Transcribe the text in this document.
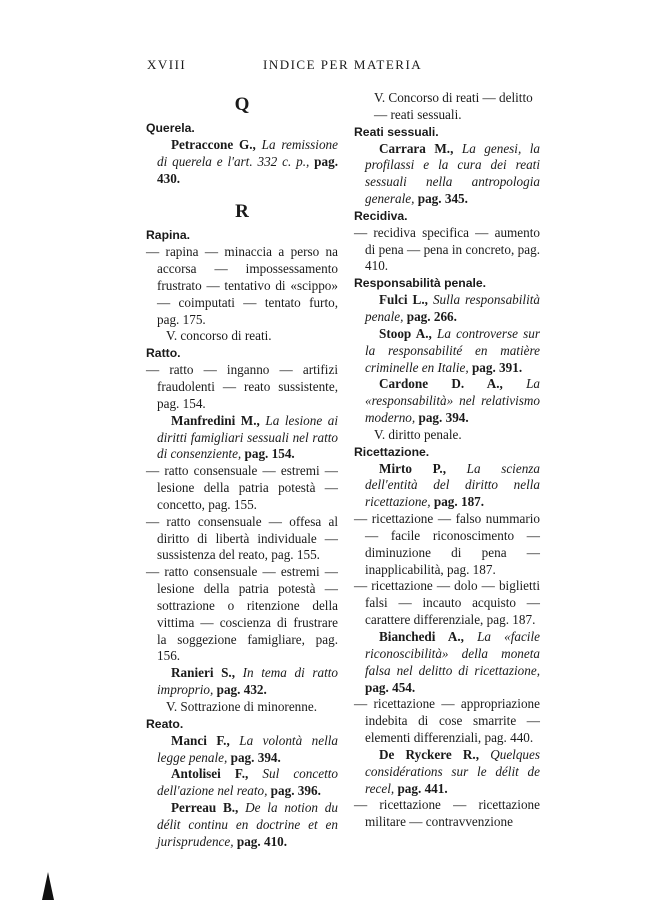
XVIII	INDICE PER MATERIA
Q
Querela.
Petraccone G., La remissione di querela e l'art. 332 c. p., pag. 430.
R
Rapina.
— rapina — minaccia a perso na accorsa — impossessamento frustrato — tentativo di «scippo» — coimputati — tentato furto, pag. 175.
V. concorso di reati.
Ratto.
— ratto — inganno — artifizi fraudolenti — reato sussistente, pag. 154.
Manfredini M., La lesione ai diritti famigliari sessuali nel ratto di consenziente, pag. 154.
— ratto consensuale — estremi — lesione della patria potestà — concetto, pag. 155.
— ratto consensuale — offesa al diritto di libertà individuale — sussistenza del reato, pag. 155.
— ratto consensuale — estremi — lesione della patria potestà — sottrazione o ritenzione della vittima — coscienza di frustrare la soggezione famigliare, pag. 156.
Ranieri S., In tema di ratto improprio, pag. 432.
V. Sottrazione di minorenne.
Reato.
Manci F., La volontà nella legge penale, pag. 394.
Antolisei F., Sul concetto dell'azione nel reato, pag. 396.
Perreau B., De la notion du délit continu en doctrine et en jurisprudence, pag. 410.
V. Concorso di reati — delitto — reati sessuali.
Reati sessuali.
Carrara M., La genesi, la profilassi e la cura dei reati sessuali nella antropologia generale, pag. 345.
Recidiva.
— recidiva specifica — aumento di pena — pena in concreto, pag. 410.
Responsabilità penale.
Fulci L., Sulla responsabilità penale, pag. 266.
Stoop A., La controverse sur la responsabilité en matière criminelle en Italie, pag. 391.
Cardone D. A., La «responsabilità» nel relativismo moderno, pag. 394.
V. diritto penale.
Ricettazione.
Mirto P., La scienza dell'entità del diritto nella ricettazione, pag. 187.
— ricettazione — falso nummario — facile riconoscimento — diminuzione di pena — inapplicabilità, pag. 187.
— ricettazione — dolo — biglietti falsi — incauto acquisto — carattere differenziale, pag. 187.
Bianchedi A., La «facile riconoscibilità» della moneta falsa nel delitto di ricettazione, pag. 454.
— ricettazione — appropriazione indebita di cose smarrite — elementi differenziali, pag. 440.
De Ryckere R., Quelques considérations sur le délit de recel, pag. 441.
— ricettazione — ricettazione militare — contravvenzione
